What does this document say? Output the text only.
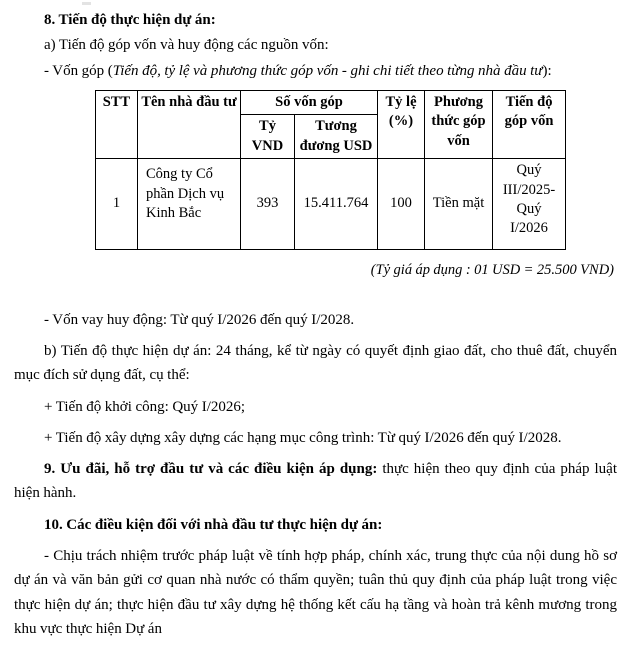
8. Tiến độ thực hiện dự án:

a) Tiến độ góp vốn và huy động các nguồn vốn:

- Vốn góp (Tiến độ, tỷ lệ và phương thức góp vốn - ghi chi tiết theo từng nhà đầu tư):

STT	Tên nhà đầu tư	Số vốn góp		Tỷ lệ (%)	Phương thức góp vốn	Tiến độ góp vốn
		Tỷ VND	Tương đương USD			
1	Công ty Cổ phần Dịch vụ Kinh Bắc	393	15.411.764	100	Tiền mặt	Quý III/2025-Quý I/2026

(Tỷ giá áp dụng : 01 USD = 25.500 VND)

- Vốn vay huy động: Từ quý I/2026 đến quý I/2028.

b) Tiến độ thực hiện dự án: 24 tháng, kể từ ngày có quyết định giao đất, cho thuê đất, chuyển mục đích sử dụng đất, cụ thể:

+ Tiến độ khởi công: Quý I/2026;

+ Tiến độ xây dựng xây dựng các hạng mục công trình: Từ quý I/2026 đến quý I/2028.

9. Ưu đãi, hỗ trợ đầu tư và các điều kiện áp dụng: thực hiện theo quy định của pháp luật hiện hành.

10. Các điều kiện đối với nhà đầu tư thực hiện dự án:

- Chịu trách nhiệm trước pháp luật về tính hợp pháp, chính xác, trung thực của nội dung hồ sơ dự án và văn bản gửi cơ quan nhà nước có thẩm quyền; tuân thủ quy định của pháp luật trong việc thực hiện dự án; thực hiện đầu tư xây dựng hệ thống kết cấu hạ tầng và hoàn trả kênh mương trong khu vực thực hiện Dự án
